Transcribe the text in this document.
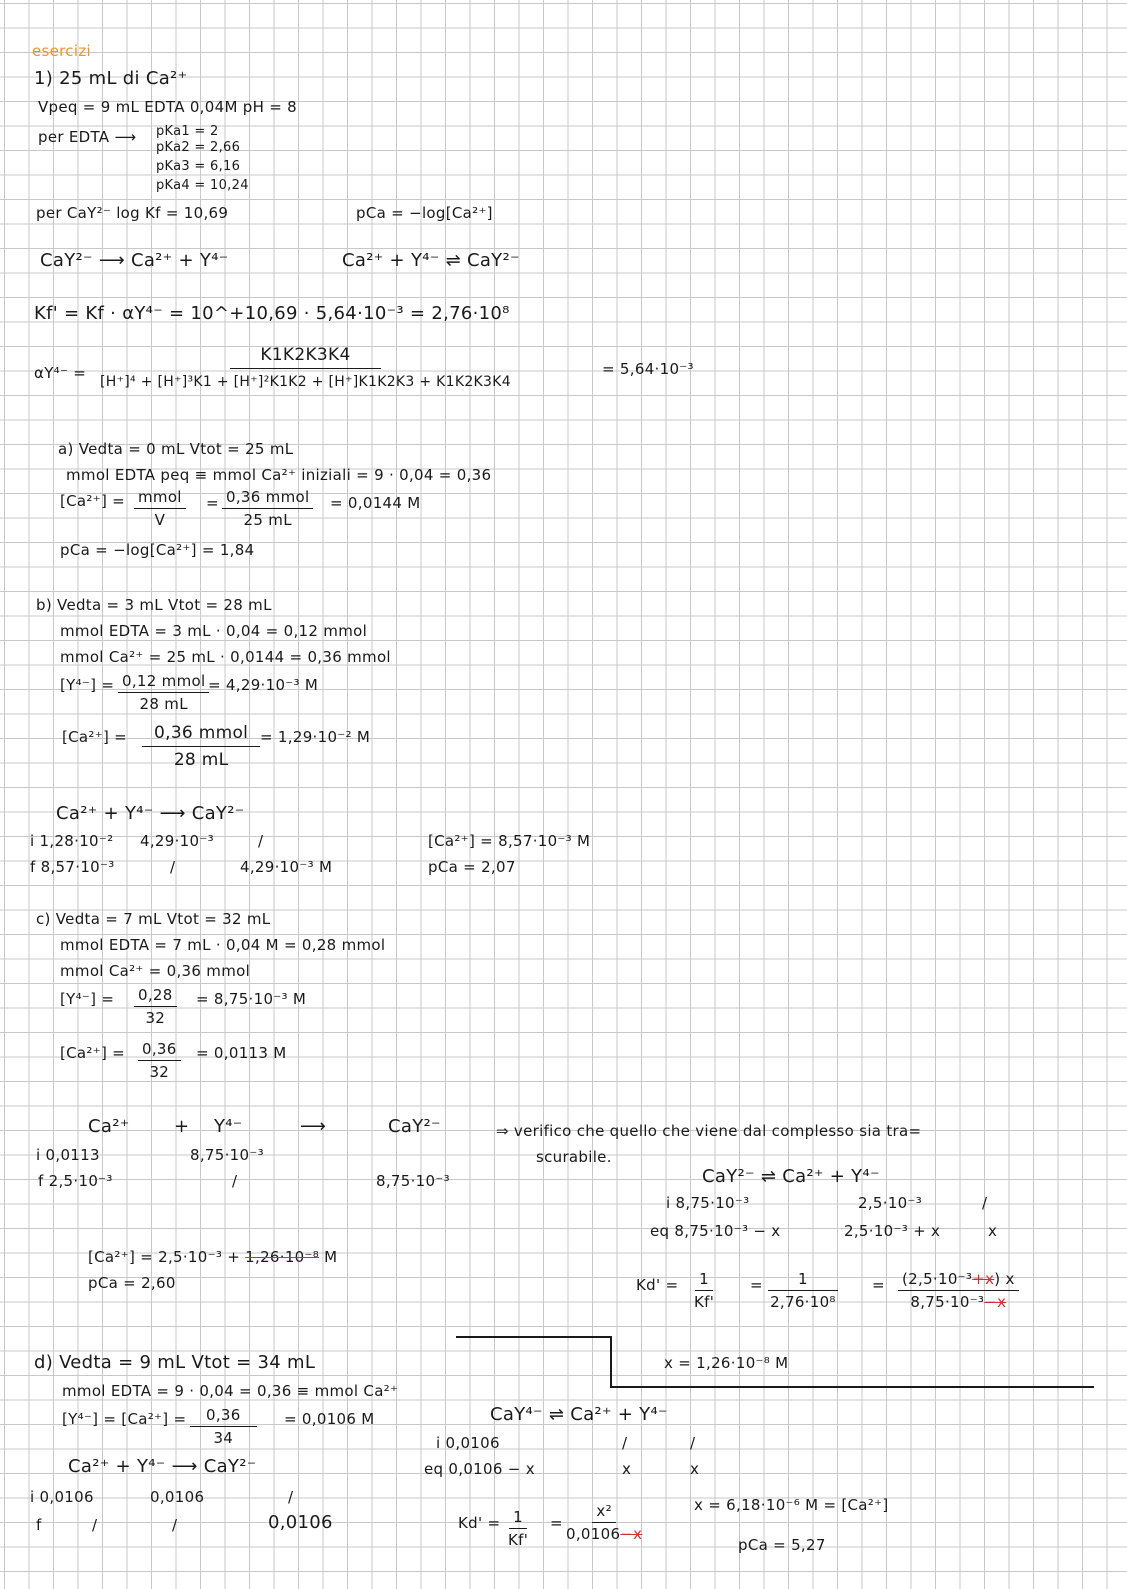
esercizi
1) 25 mL di Ca²⁺
Vpeq = 9 mL EDTA 0,04M pH = 8
per EDTA ⟶ pKa1 = 2
pKa2 = 2,66
pKa3 = 6,16
pKa4 = 10,24
per CaY²⁻ log Kf = 10,69	pCa = −log[Ca²⁺]
CaY²⁻ ⟶ Ca²⁺ + Y⁴⁻	Ca²⁺ + Y⁴⁻ ⇌ CaY²⁻
Kf' = Kf · αY⁴⁻ = 10^+10,69 · 5,64·10⁻³ = 2,76·10⁸
αY⁴⁻ =
K1K2K3K4
[H⁺]⁴ + [H⁺]³K1 + [H⁺]²K1K2 + [H⁺]K1K2K3 + K1K2K3K4
= 5,64·10⁻³
a) Vedta = 0 mL Vtot = 25 mL
mmol EDTA peq ≡ mmol Ca²⁺ iniziali = 9 · 0,04 = 0,36
[Ca²⁺] = mmol
V
= 0,36 mmol
25 mL
= 0,0144 M
pCa = −log[Ca²⁺] = 1,84
b) Vedta = 3 mL Vtot = 28 mL
mmol EDTA = 3 mL · 0,04 = 0,12 mmol
mmol Ca²⁺ = 25 mL · 0,0144 = 0,36 mmol
[Y⁴⁻] = 0,12 mmol
28 mL
= 4,29·10⁻³ M
[Ca²⁺] =	0,36 mmol
28 mL
= 1,29·10⁻² M
Ca²⁺ + Y⁴⁻ ⟶ CaY²⁻
i 1,28·10⁻² 4,29·10⁻³	/
f 8,57·10⁻³	/	4,29·10⁻³ M
[Ca²⁺] = 8,57·10⁻³ M
pCa = 2,07
c) Vedta = 7 mL Vtot = 32 mL
mmol EDTA = 7 mL · 0,04 M = 0,28 mmol
mmol Ca²⁺ = 0,36 mmol
$[Y^{4-}] = \frac{0,28}{32} = 8,75\cdot 10^{-3}$ M
$[Ca^{2+}] = \frac{0,36}{32} = 0,0113$ M
Ca²⁺ + Y⁴⁻	⟶	CaY²⁻
i 0,0113	8,75·10⁻³
f 2,5·10⁻³	/	8,75·10⁻³
⇒ verifico che quello che viene dal complesso sia tra=
scurabile.
CaY²⁻ ⇌ Ca²⁺ + Y⁴⁻
i 8,75·10⁻³	2,5·10⁻³	/
eq 8,75·10⁻³ − x	2,5·10⁻³ + x	x
[Ca²⁺] = 2,5·10⁻³ + 1,26·10⁻⁸ M
pCa = 2,60	$Kd' = \frac{1}{Kf'} = \frac{1}{\text{2,76·10⁸}} = \frac{\text{(2,5·10⁻³+x) x}}{\text{8,75·10⁻³−x}}$
x = 1,26·10⁻⁸ M
d) Vedta = 9 mL Vtot = 34 mL
mmol EDTA = 9 · 0,04 = 0,36 ≡ mmol Ca²⁺
$[Y^{4-}] = [Ca^{2+}] = \frac{0,36}{34} = 0,0106$ M
Ca²⁺ + Y⁴⁻ ⟶ CaY²⁻
i 0,0106	0,0106	/
f	/	/	0,0106
CaY⁴⁻ ⇌ Ca²⁺ + Y⁴⁻
i 0,0106	/	/
eq 0,0106 − x	x	x
$Kd' = \frac{1}{Kf'} = \frac{\text{x²}}{0,0106-x}$	x = 6,18·10⁻⁶ M = [Ca²⁺]
pCa = 5,27
